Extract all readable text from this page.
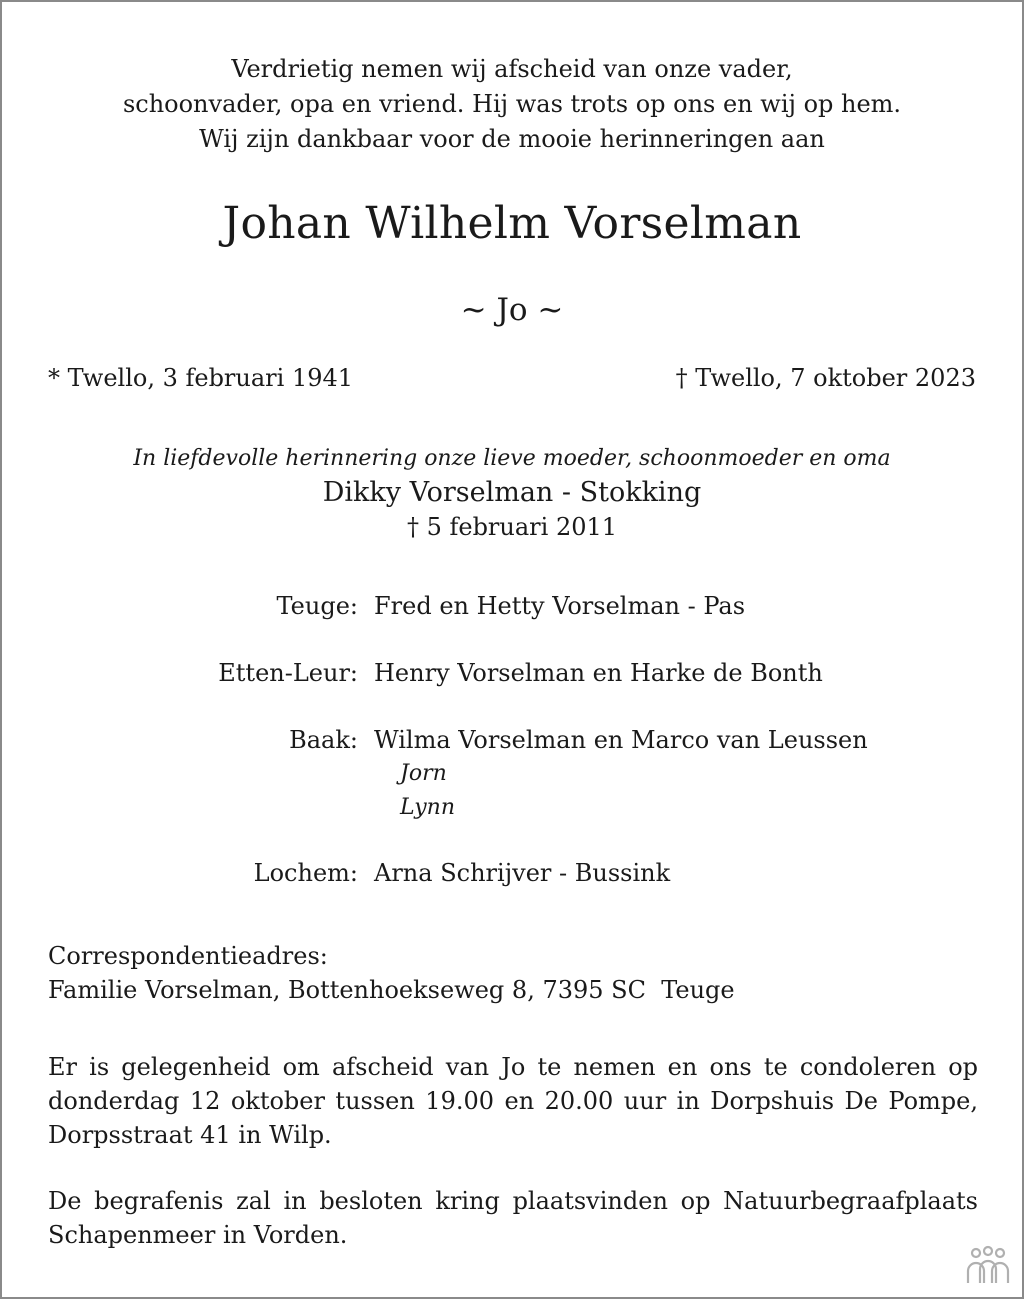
Verdrietig nemen wij afscheid van onze vader,
schoonvader, opa en vriend. Hij was trots op ons en wij op hem.
Wij zijn dankbaar voor de mooie herinneringen aan
Johan Wilhelm Vorselman
~ Jo ~
* Twello, 3 februari 1941	† Twello, 7 oktober 2023
In liefdevolle herinnering onze lieve moeder, schoonmoeder en oma
Dikky Vorselman - Stokking
† 5 februari 2011
Teuge: Fred en Hetty Vorselman - Pas
Etten-Leur: Henry Vorselman en Harke de Bonth
Baak: Wilma Vorselman en Marco van Leussen
Jorn
Lynn
Lochem: Arna Schrijver - Bussink
Correspondentieadres:
Familie Vorselman, Bottenhoekseweg 8, 7395 SC  Teuge
Er is gelegenheid om afscheid van Jo te nemen en ons te condoleren op donderdag 12 oktober tussen 19.00 en 20.00 uur in Dorpshuis De Pompe, Dorpsstraat 41 in Wilp.
De begrafenis zal in besloten kring plaatsvinden op Natuurbegraafplaats Schapenmeer in Vorden.
